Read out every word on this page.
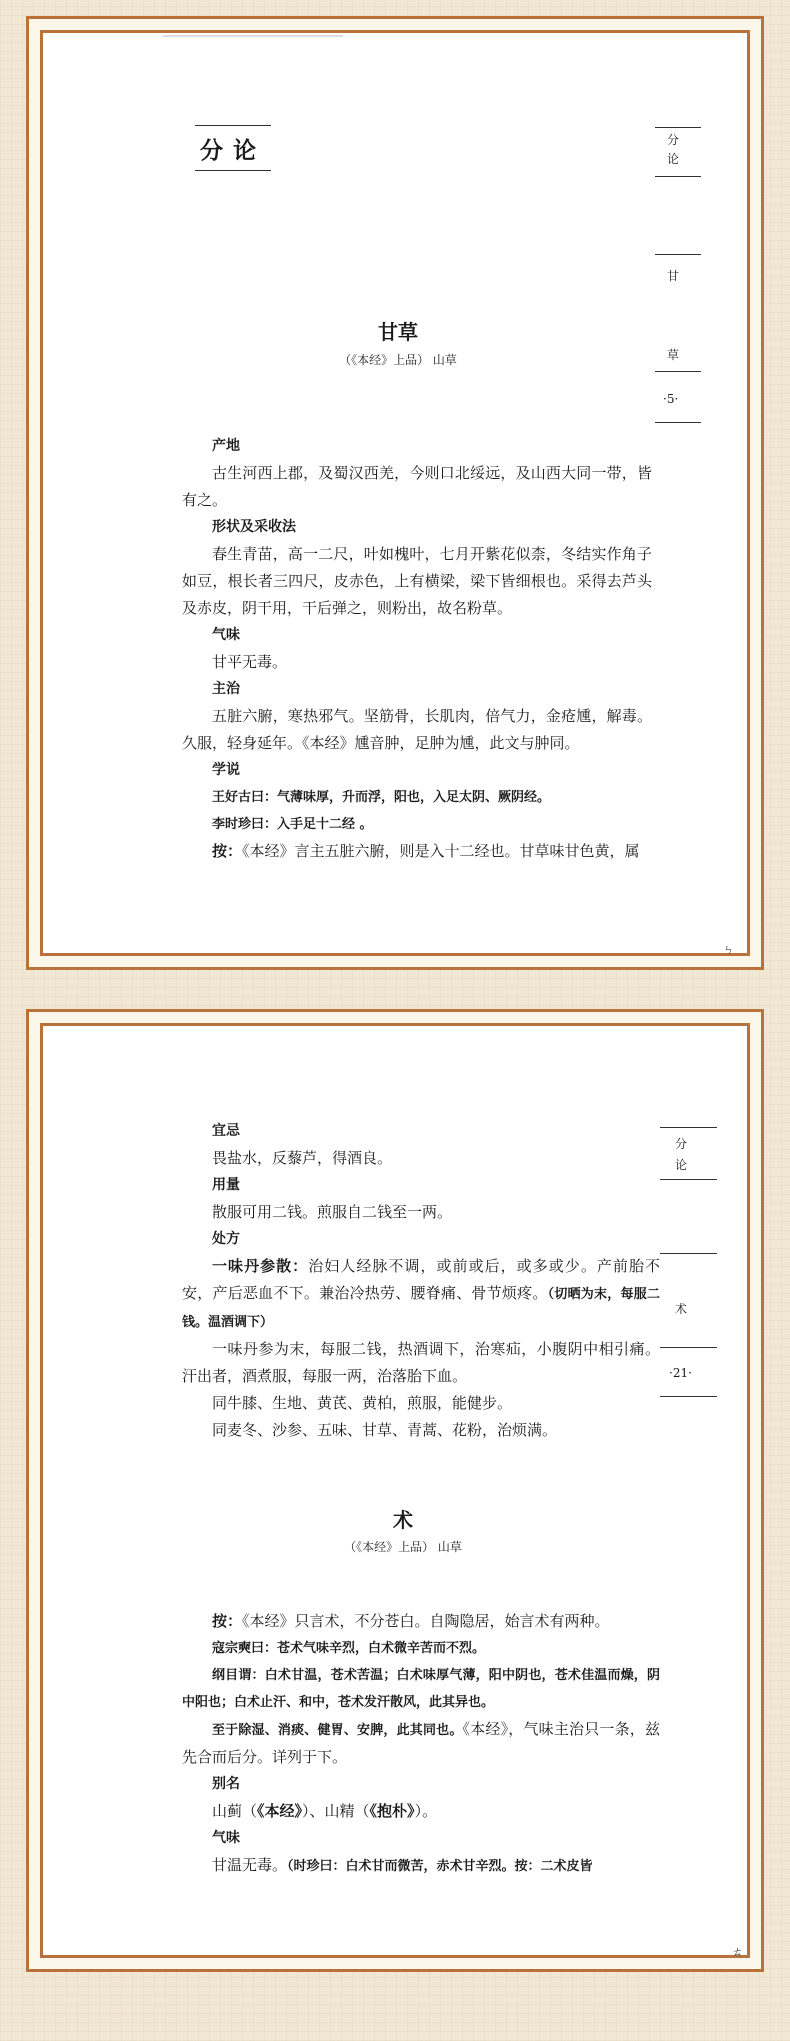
分论	分
论
甘
草
·5·
甘草
（《本经》上品） 山草

产地

古生河西上郡，及蜀汉西羌，今则口北绥远，及山西大同一带，皆有之。

形状及采收法

春生青苗，高一二尺，叶如槐叶，七月开紫花似柰，冬结实作角子如豆，根长者三四尺，皮赤色，上有横梁，梁下皆细根也。采得去芦头及赤皮，阴干用，干后弹之，则粉出，故名粉草。

气味

甘平无毒。

主治

五脏六腑，寒热邪气。坚筋骨，长肌肉，倍气力，金疮尰，解毒。久服，轻身延年。《本经》尰音肿，足肿为尰，此文与肿同。

学说

王好古曰：气薄味厚，升而浮，阳也，入足太阴、厥阴经。

李时珍曰：入手足十二经 。

按：《本经》言主五脏六腑，则是入十二经也。甘草味甘色黄，属

ㄣ
分
论
术
·21·

宜忌

畏盐水，反藜芦，得酒良。

用量

散服可用二钱。煎服自二钱至一两。

处方

一味丹参散：治妇人经脉不调，或前或后，或多或少。产前胎不安，产后恶血不下。兼治冷热劳、腰脊痛、骨节烦疼。（切晒为末，每服二钱。温酒调下）

一味丹参为末，每服二钱，热酒调下，治寒疝，小腹阴中相引痛。汗出者，酒煮服，每服一两，治落胎下血。

同牛膝、生地、黄芪、黄柏，煎服，能健步。

同麦冬、沙参、五味、甘草、青蒿、花粉，治烦满。

术
（《本经》上品） 山草

按：《本经》只言术，不分苍白。自陶隐居，始言术有两种。

寇宗奭曰：苍术气味辛烈，白术微辛苦而不烈。

纲目谓：白术甘温，苍术苦温；白术味厚气薄，阳中阴也，苍术佳温而燥，阴中阳也；白术止汗、和中，苍术发汗散风，此其异也。

至于除湿、消痰、健胃、安脾，此其同也。《本经》，气味主治只一条，兹先合而后分。详列于下。

别名

山蓟（《本经》）、山精（《抱朴》）。

气味

甘温无毒。（时珍曰：白术甘而微苦，赤术甘辛烈。按：二术皮皆

ㄊ
